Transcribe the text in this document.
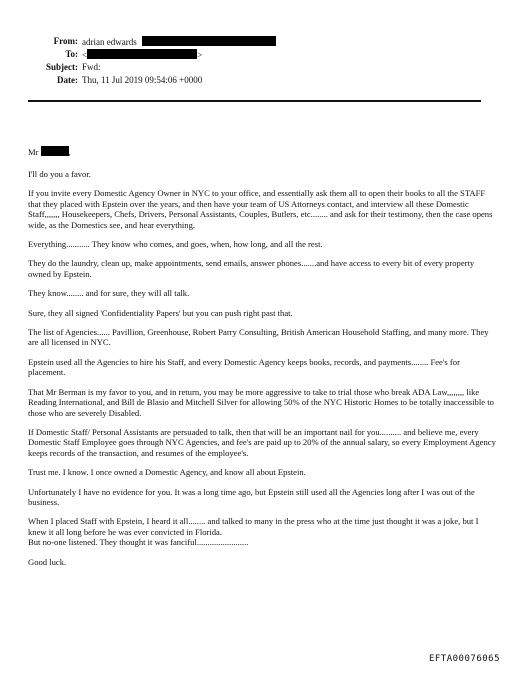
From: adrian edwards
To: <	>
Subject: Fwd:
Date: Thu, 11 Jul 2019 09:54:06 +0000
Mr	,

I'll do you a favor.

If you invite every Domestic Agency Owner in NYC to your office, and essentially ask them all to open their books to all the STAFF that they placed with Epstein over the years, and then have your team of US Attorneys contact, and interview all these Domestic Staff,,,,,,, Housekeepers, Chefs, Drivers, Personal Assistants, Couples, Butlers, etc........ and ask for their testimony, then the case opens wide, as the Domestics see, and hear everything.

Everything........... They know who comes, and goes, when, how long, and all the rest.

They do the laundry, clean up, make appointments, send emails, answer phones.......and have access to every bit of every property owned by Epstein.

They know........ and for sure, they will all talk.

Sure, they all signed 'Confidentiality Papers' but you can push right past that.

The list of Agencies...... Pavillion, Greenhouse, Robert Parry Consulting, British American Household Staffing, and many more. They are all licensed in NYC.

Epstein used all the Agencies to hire his Staff, and every Domestic Agency keeps books, records, and payments........ Fee's for placement.

That Mr Berman is my favor to you, and in return, you may be more aggressive to take to trial those who break ADA Law,,,,,,,, like Reading International, and Bill de Blasio and Mitchell Silver for allowing 50% of the NYC Historic Homes to be totally inaccessible to those who are severely Disabled.

If Domestic Staff/ Personal Assistants are persuaded to talk, then that will be an important nail for you.......... and believe me, every Domestic Staff Employee goes through NYC Agencies, and fee's are paid up to 20% of the annual salary, so every Employment Agency keeps records of the transaction, and resumes of the employee's.

Trust me. I know. I once owned a Domestic Agency, and know all about Epstein.

Unfortunately I have no evidence for you. It was a long time ago, but Epstein still used all the Agencies long after I was out of the business.

When I placed Staff with Epstein, I heard it all........ and talked to many in the press who at the time just thought it was a joke, but I knew it all long before he was ever convicted in Florida.

But no-one listened. They thought it was fanciful........................

Good luck.

EFTA00076065
